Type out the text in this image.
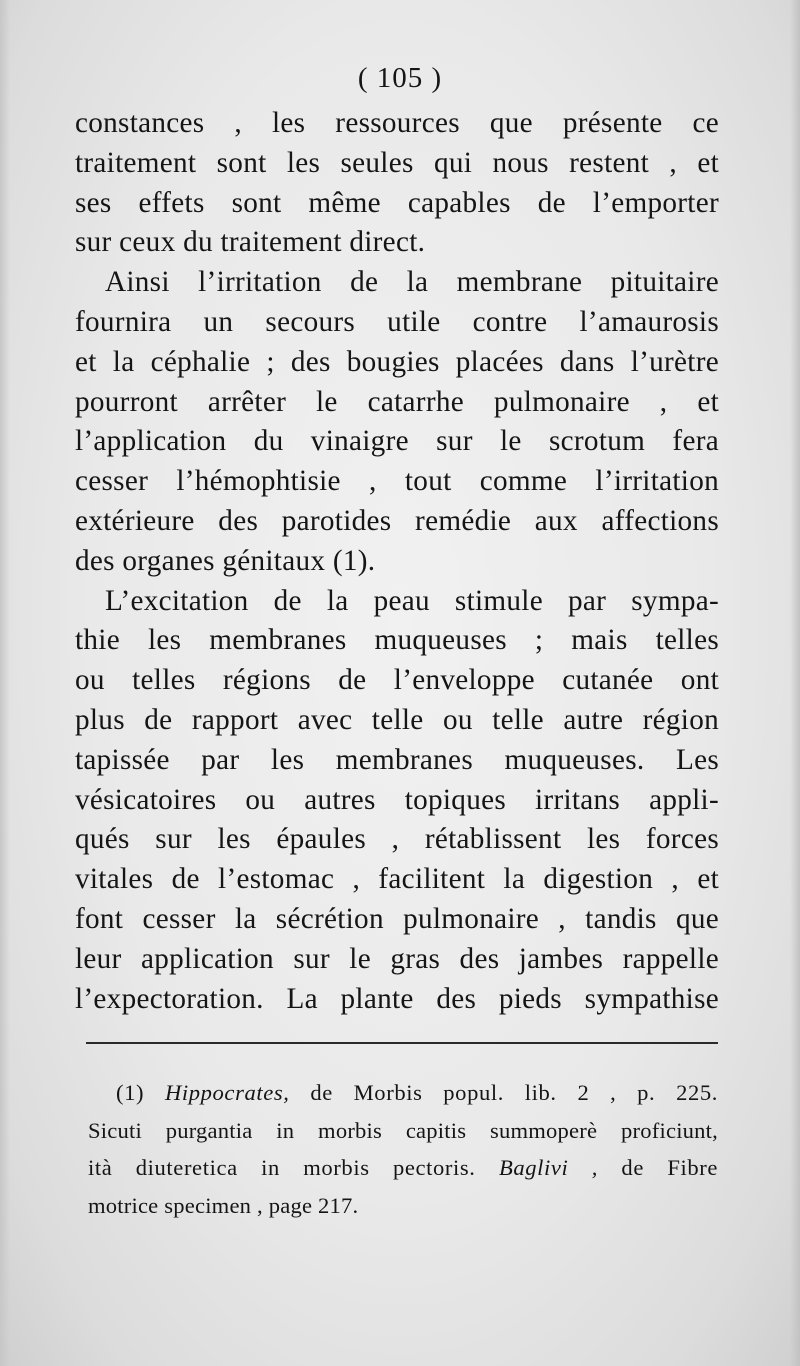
( 105 )
constances , les ressources que présente ce
traitement sont les seules qui nous restent , et
ses effets sont même capables de l’emporter
sur ceux du traitement direct.
Ainsi l’irritation de la membrane pituitaire
fournira un secours utile contre l’amaurosis
et la céphalie ; des bougies placées dans l’urètre
pourront arrêter le catarrhe pulmonaire , et
l’application du vinaigre sur le scrotum fera
cesser l’hémophtisie , tout comme l’irritation
extérieure des parotides remédie aux affections
des organes génitaux (1).
L’excitation de la peau stimule par sympa-
thie les membranes muqueuses ; mais telles
ou telles régions de l’enveloppe cutanée ont
plus de rapport avec telle ou telle autre région
tapissée par les membranes muqueuses. Les
vésicatoires ou autres topiques irritans appli-
qués sur les épaules , rétablissent les forces
vitales de l’estomac , facilitent la digestion , et
font cesser la sécrétion pulmonaire , tandis que
leur application sur le gras des jambes rappelle
l’expectoration. La plante des pieds sympathise
(1) Hippocrates, de Morbis popul. lib. 2 , p. 225.
Sicuti purgantia in morbis capitis summoperè proficiunt,
ità diuteretica in morbis pectoris. Baglivi , de Fibre
motrice specimen , page 217.
